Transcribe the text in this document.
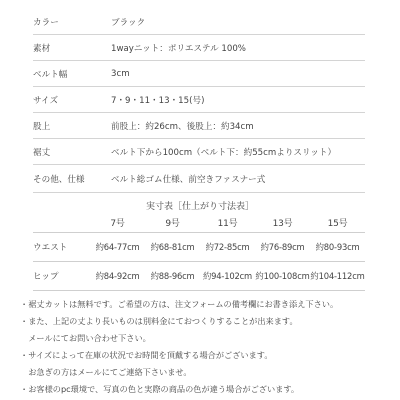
カラー	ブラック
素材	1wayニット：ポリエステル 100%
ベルト幅	3cm
サイズ	7・9・11・13・15(号)
股上	前股上：約26cm、後股上：約34cm
裾丈	ベルト下から100cm（ベルト下：約55cmよりスリット）
その他、仕様	ベルト総ゴム仕様、前空きファスナー式
実寸表［仕上がり寸法表］
7号	9号	11号	13号	15号
ウエスト	約64-77cm	約68-81cm	約72-85cm	約76-89cm	約80-93cm
ヒップ	約84-92cm	約88-96cm	約94-102cm 約100-108cm 約104-112cm
・裾丈カットは無料です。ご希望の方は、注文フォームの備考欄にお書き添え下さい。
・また、上記の丈より長いものは別料金にておつくりすることが出来ます。
　メールにてお問い合わせ下さい。
・サイズによって在庫の状況でお時間を頂戴する場合がございます。
　お急ぎの方はメールにてご連絡下さいませ。
・お客様のpc環境で、写真の色と実際の商品の色が違う場合がございます。
